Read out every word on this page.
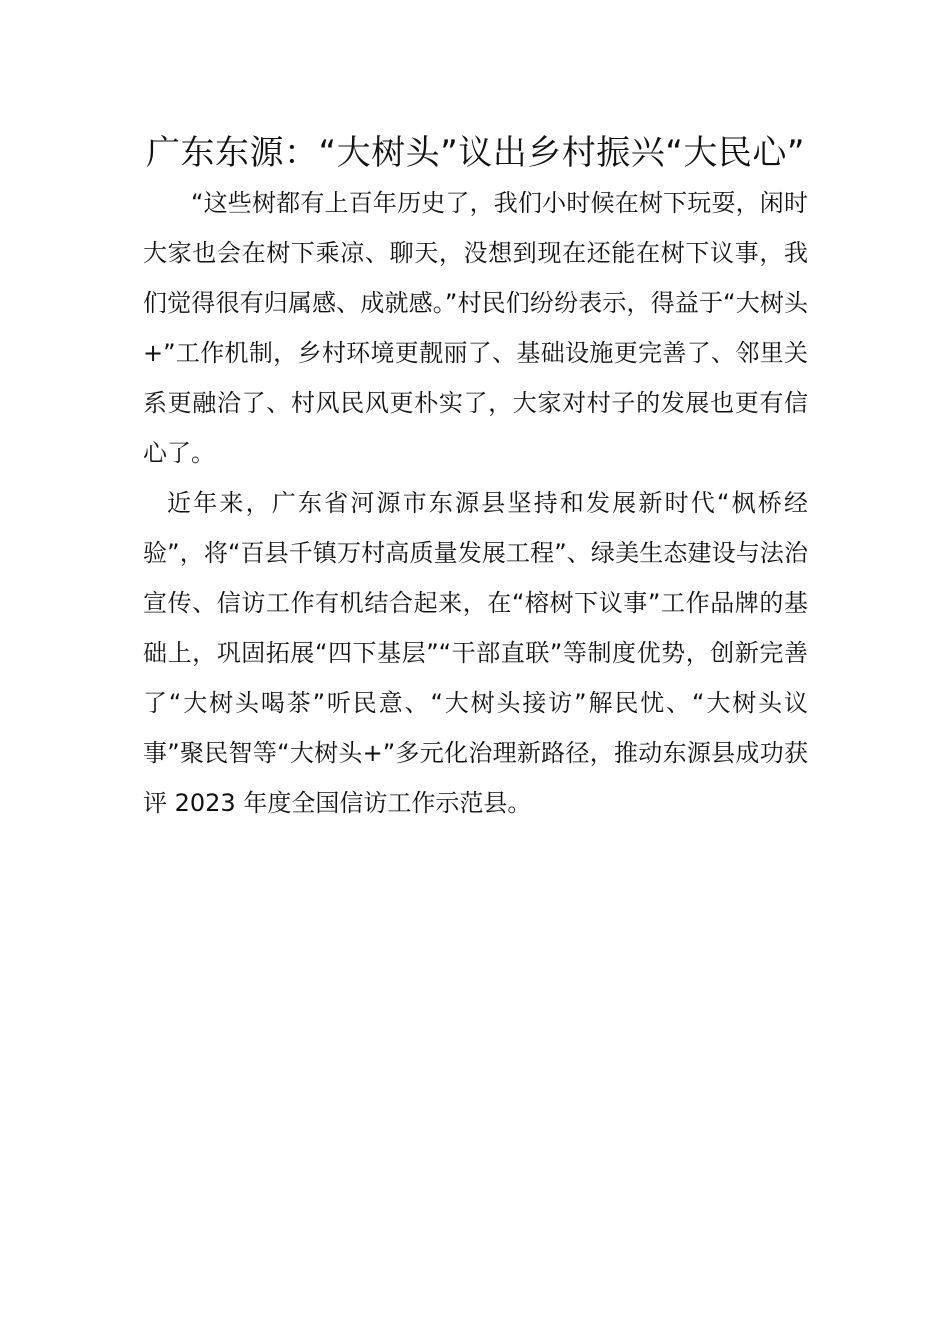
广东东源：“大树头”议出乡村振兴“大民心”

“这些树都有上百年历史了，我们小时候在树下玩耍，闲时大家也会在树下乘凉、聊天，没想到现在还能在树下议事，我们觉得很有归属感、成就感。”村民们纷纷表示，得益于“大树头+”工作机制，乡村环境更靓丽了、基础设施更完善了、邻里关系更融洽了、村风民风更朴实了，大家对村子的发展也更有信心了。

近年来，广东省河源市东源县坚持和发展新时代“枫桥经验”，将“百县千镇万村高质量发展工程”、绿美生态建设与法治宣传、信访工作有机结合起来，在“榕树下议事”工作品牌的基础上，巩固拓展“四下基层”“干部直联”等制度优势，创新完善了“大树头喝茶”听民意、“大树头接访”解民忧、“大树头议事”聚民智等“大树头+”多元化治理新路径，推动东源县成功获评 2023 年度全国信访工作示范县。
